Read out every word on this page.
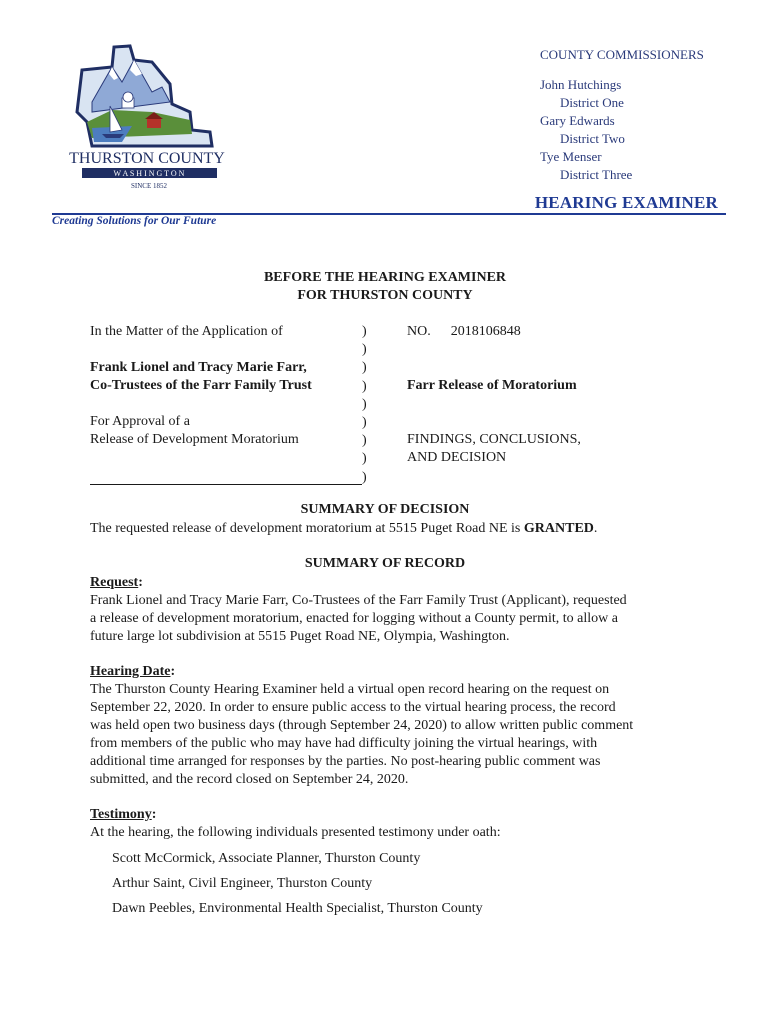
THURSTON COUNTY
W A S H I N G T O N
SINCE 1852
COUNTY COMMISSIONERS
John Hutchings
District One
Gary Edwards
District Two
Tye Menser
District Three
HEARING EXAMINER
Creating Solutions for Our Future
BEFORE THE HEARING EXAMINER
FOR THURSTON COUNTY
In the Matter of the Application of
Frank Lionel and Tracy Marie Farr,
Co-Trustees of the Farr Family Trust
For Approval of a
Release of Development Moratorium
)
)
)
)
)
)
)
)
)
NO. 2018106848
Farr Release of Moratorium
FINDINGS, CONCLUSIONS,
AND DECISION
SUMMARY OF DECISION
The requested release of development moratorium at 5515 Puget Road NE is GRANTED.
SUMMARY OF RECORD
Request:
Frank Lionel and Tracy Marie Farr, Co-Trustees of the Farr Family Trust (Applicant), requested
a release of development moratorium, enacted for logging without a County permit, to allow a
future large lot subdivision at 5515 Puget Road NE, Olympia, Washington.
Hearing Date:
The Thurston County Hearing Examiner held a virtual open record hearing on the request on
September 22, 2020. In order to ensure public access to the virtual hearing process, the record
was held open two business days (through September 24, 2020) to allow written public comment
from members of the public who may have had difficulty joining the virtual hearings, with
additional time arranged for responses by the parties. No post-hearing public comment was
submitted, and the record closed on September 24, 2020.
Testimony:
At the hearing, the following individuals presented testimony under oath:
Scott McCormick, Associate Planner, Thurston County
Arthur Saint, Civil Engineer, Thurston County
Dawn Peebles, Environmental Health Specialist, Thurston County
